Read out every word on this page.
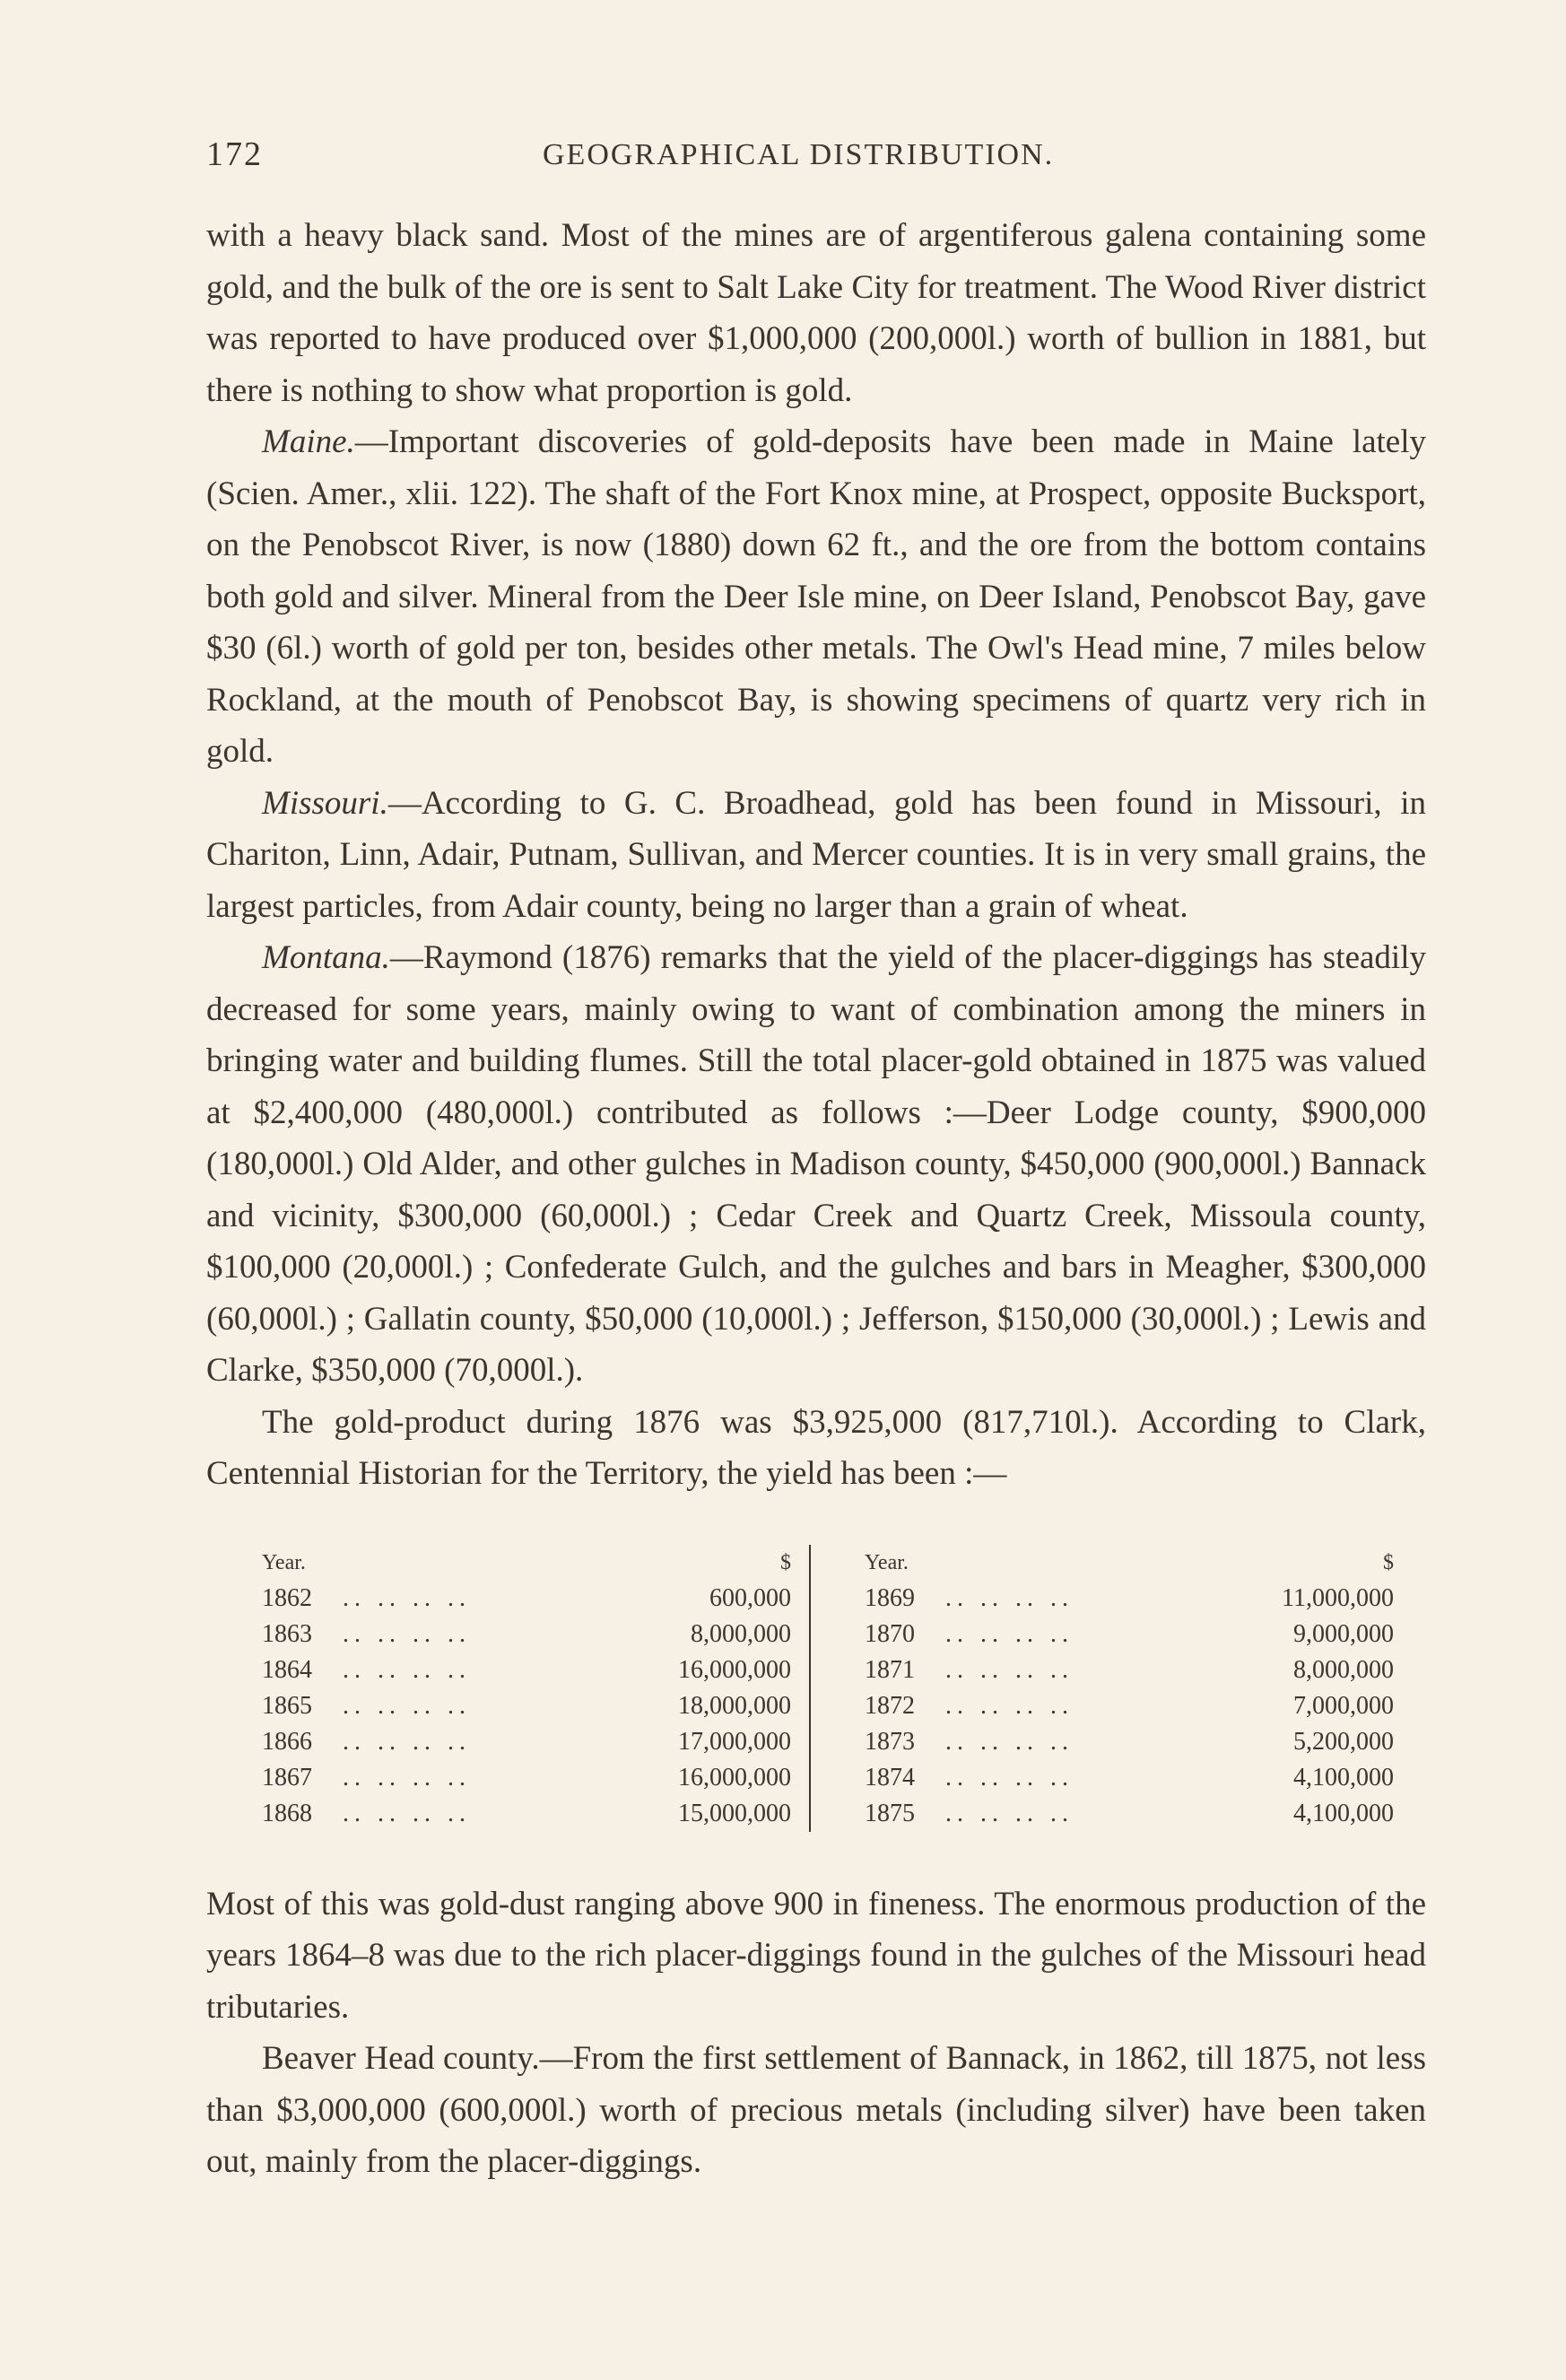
172	GEOGRAPHICAL DISTRIBUTION.

with a heavy black sand. Most of the mines are of argentiferous galena containing some gold, and the bulk of the ore is sent to Salt Lake City for treatment. The Wood River district was reported to have produced over $1,000,000 (200,000l.) worth of bullion in 1881, but there is nothing to show what proportion is gold.

Maine.—Important discoveries of gold-deposits have been made in Maine lately (Scien. Amer., xlii. 122). The shaft of the Fort Knox mine, at Prospect, opposite Bucksport, on the Penobscot River, is now (1880) down 62 ft., and the ore from the bottom contains both gold and silver. Mineral from the Deer Isle mine, on Deer Island, Penobscot Bay, gave $30 (6l.) worth of gold per ton, besides other metals. The Owl's Head mine, 7 miles below Rockland, at the mouth of Penobscot Bay, is showing specimens of quartz very rich in gold.

Missouri.—According to G. C. Broadhead, gold has been found in Missouri, in Chariton, Linn, Adair, Putnam, Sullivan, and Mercer counties. It is in very small grains, the largest particles, from Adair county, being no larger than a grain of wheat.

Montana.—Raymond (1876) remarks that the yield of the placer-diggings has steadily decreased for some years, mainly owing to want of combination among the miners in bringing water and building flumes. Still the total placer-gold obtained in 1875 was valued at $2,400,000 (480,000l.) contributed as follows :—Deer Lodge county, $900,000 (180,000l.) Old Alder, and other gulches in Madison county, $450,000 (900,000l.) Bannack and vicinity, $300,000 (60,000l.) ; Cedar Creek and Quartz Creek, Missoula county, $100,000 (20,000l.) ; Confederate Gulch, and the gulches and bars in Meagher, $300,000 (60,000l.) ; Gallatin county, $50,000 (10,000l.) ; Jefferson, $150,000 (30,000l.) ; Lewis and Clarke, $350,000 (70,000l.).

The gold-product during 1876 was $3,925,000 (817,710l.). According to Clark, Centennial Historian for the Territory, the yield has been :—

Year.	$
1862	.. .. .. ..	600,000
1863	.. .. .. ..	8,000,000
1864	.. .. .. ..	16,000,000
1865	.. .. .. ..	18,000,000
1866	.. .. .. ..	17,000,000
1867	.. .. .. ..	16,000,000
1868	.. .. .. ..	15,000,000
Year.	$
1869	.. .. .. ..	11,000,000
1870	.. .. .. ..	9,000,000
1871	.. .. .. ..	8,000,000
1872	.. .. .. ..	7,000,000
1873	.. .. .. ..	5,200,000
1874	.. .. .. ..	4,100,000
1875	.. .. .. ..	4,100,000

Most of this was gold-dust ranging above 900 in fineness. The enormous production of the years 1864–8 was due to the rich placer-diggings found in the gulches of the Missouri head tributaries.

Beaver Head county.—From the first settlement of Bannack, in 1862, till 1875, not less than $3,000,000 (600,000l.) worth of precious metals (including silver) have been taken out, mainly from the placer-diggings.
